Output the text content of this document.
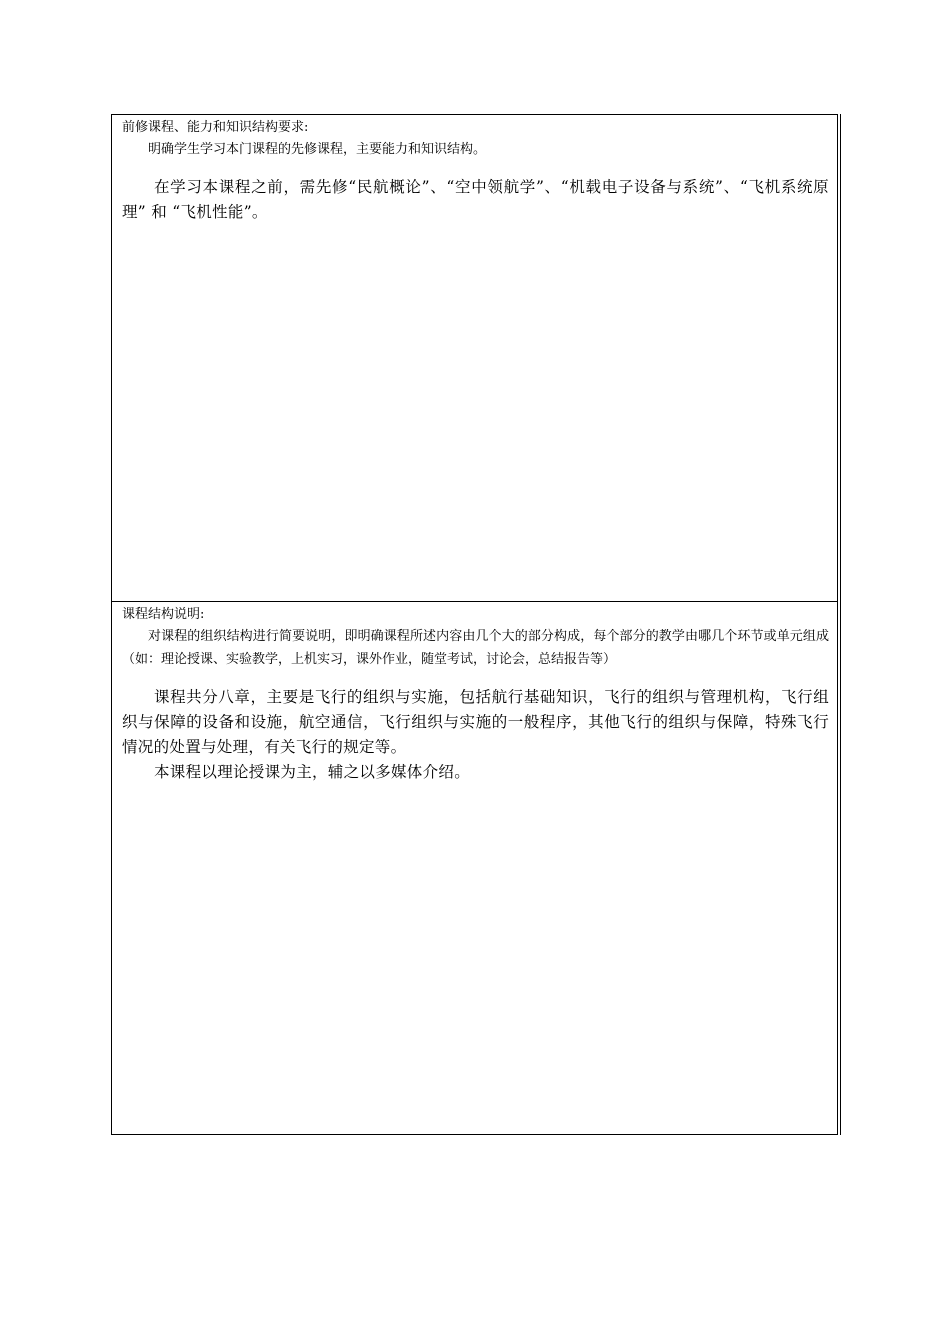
前修课程、能力和知识结构要求:

明确学生学习本门课程的先修课程，主要能力和知识结构。

在学习本课程之前，需先修“民航概论”、“空中领航学”、“机载电子设备与系统”、“飞机系统原理” 和 “飞机性能”。

课程结构说明:

对课程的组织结构进行简要说明，即明确课程所述内容由几个大的部分构成，每个部分的教学由哪几个环节或单元组成（如：理论授课、实验教学，上机实习，课外作业，随堂考试，讨论会，总结报告等）

课程共分八章，主要是飞行的组织与实施，包括航行基础知识，飞行的组织与管理机构，飞行组织与保障的设备和设施，航空通信，飞行组织与实施的一般程序，其他飞行的组织与保障，特殊飞行情况的处置与处理，有关飞行的规定等。

本课程以理论授课为主，辅之以多媒体介绍。
